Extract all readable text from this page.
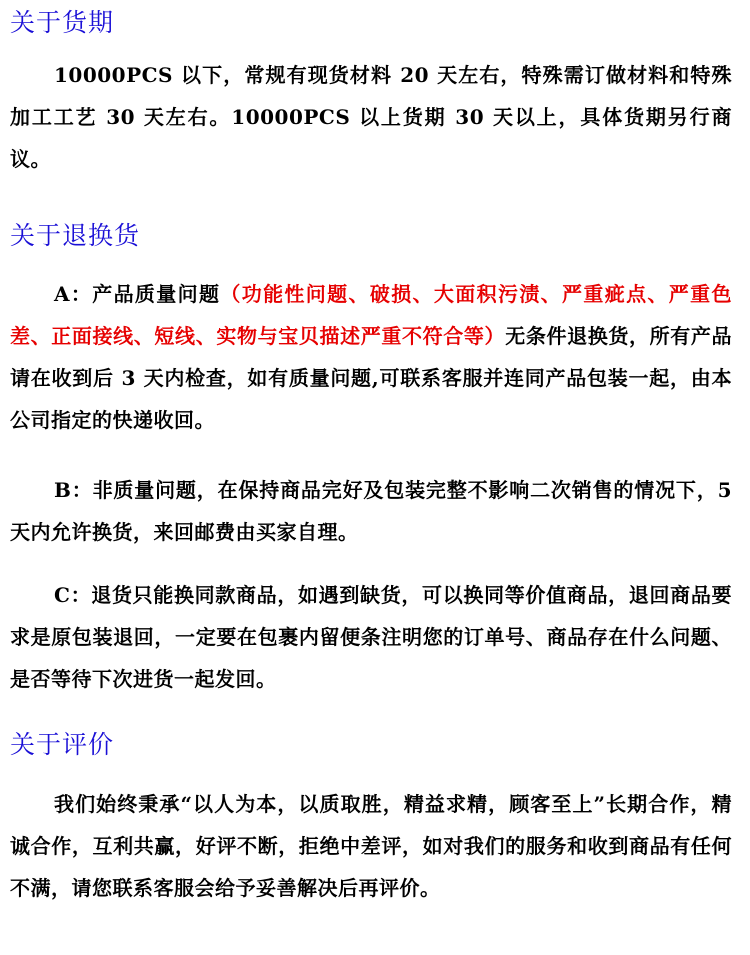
关于货期
10000PCS 以下，常规有现货材料 20 天左右，特殊需订做材料和特殊加工工艺 30 天左右。10000PCS 以上货期 30 天以上，具体货期另行商议。
关于退换货
A：产品质量问题（功能性问题、破损、大面积污渍、严重疵点、严重色差、正面接线、短线、实物与宝贝描述严重不符合等）无条件退换货，所有产品请在收到后 3 天内检查，如有质量问题,可联系客服并连同产品包装一起，由本公司指定的快递收回。
B：非质量问题，在保持商品完好及包装完整不影响二次销售的情况下，5 天内允许换货，来回邮费由买家自理。
C：退货只能换同款商品，如遇到缺货，可以换同等价值商品，退回商品要求是原包装退回，一定要在包裹内留便条注明您的订单号、商品存在什么问题、是否等待下次进货一起发回。
关于评价
我们始终秉承“以人为本，以质取胜，精益求精，顾客至上”长期合作，精诚合作，互利共赢，好评不断，拒绝中差评，如对我们的服务和收到商品有任何不满，请您联系客服会给予妥善解决后再评价。
